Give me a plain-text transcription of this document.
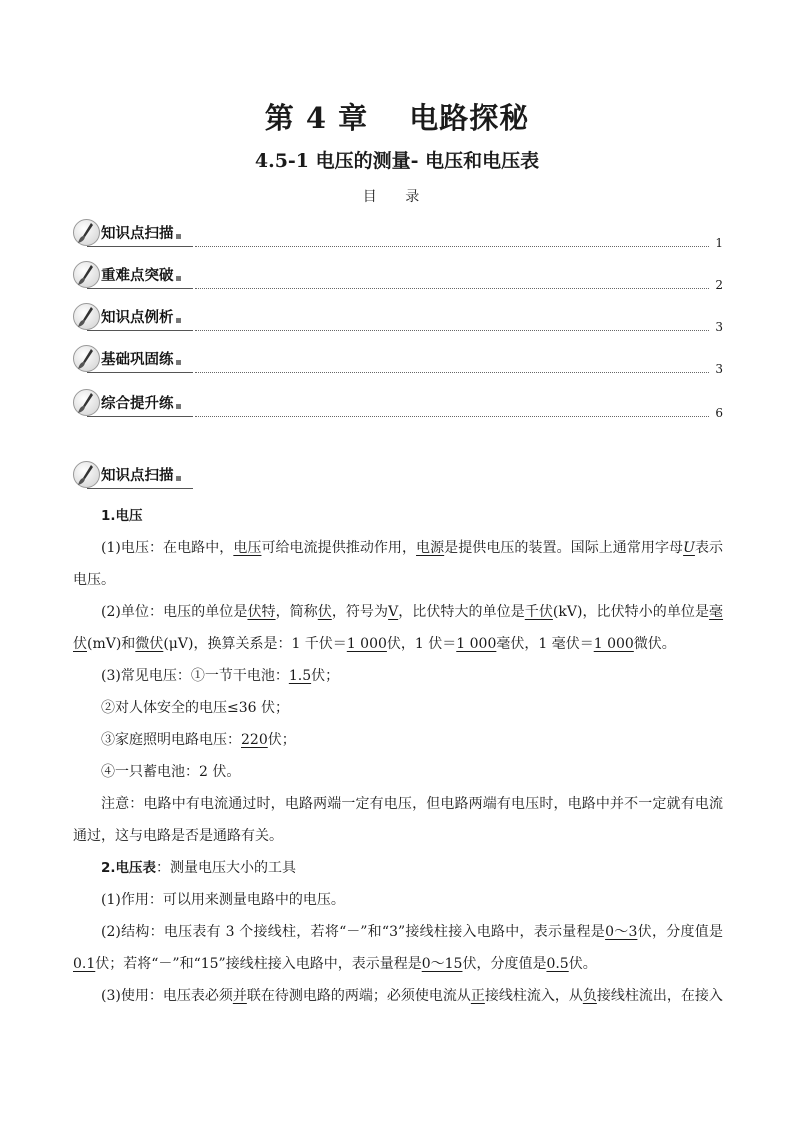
第 4 章　 电路探秘
4.5-1 电压的测量- 电压和电压表
目 录
知识点扫描
1
重难点突破
2
知识点例析
3
基础巩固练
3
综合提升练
6
知识点扫描

1.电压

(1)电压：在电路中，电压可给电流提供推动作用，电源是提供电压的装置。国际上通常用字母U表示电压。

(2)单位：电压的单位是伏特，简称伏，符号为V，比伏特大的单位是千伏(kV)，比伏特小的单位是毫伏(mV)和微伏(μV)，换算关系是：1 千伏＝1 000伏，1 伏＝1 000毫伏，1 毫伏＝1 000微伏。

(3)常见电压：①一节干电池：1.5伏；

②对人体安全的电压≤36 伏；

③家庭照明电路电压：220伏；

④一只蓄电池：2 伏。

注意：电路中有电流通过时，电路两端一定有电压，但电路两端有电压时，电路中并不一定就有电流通过，这与电路是否是通路有关。

2.电压表：测量电压大小的工具

(1)作用：可以用来测量电路中的电压。

(2)结构：电压表有 3 个接线柱，若将“－”和“3”接线柱接入电路中，表示量程是0～3伏，分度值是0.1伏；若将“－”和“15”接线柱接入电路中，表示量程是0～15伏，分度值是0.5伏。

(3)使用：电压表必须并联在待测电路的两端；必须使电流从正接线柱流入，从负接线柱流出，在接入
